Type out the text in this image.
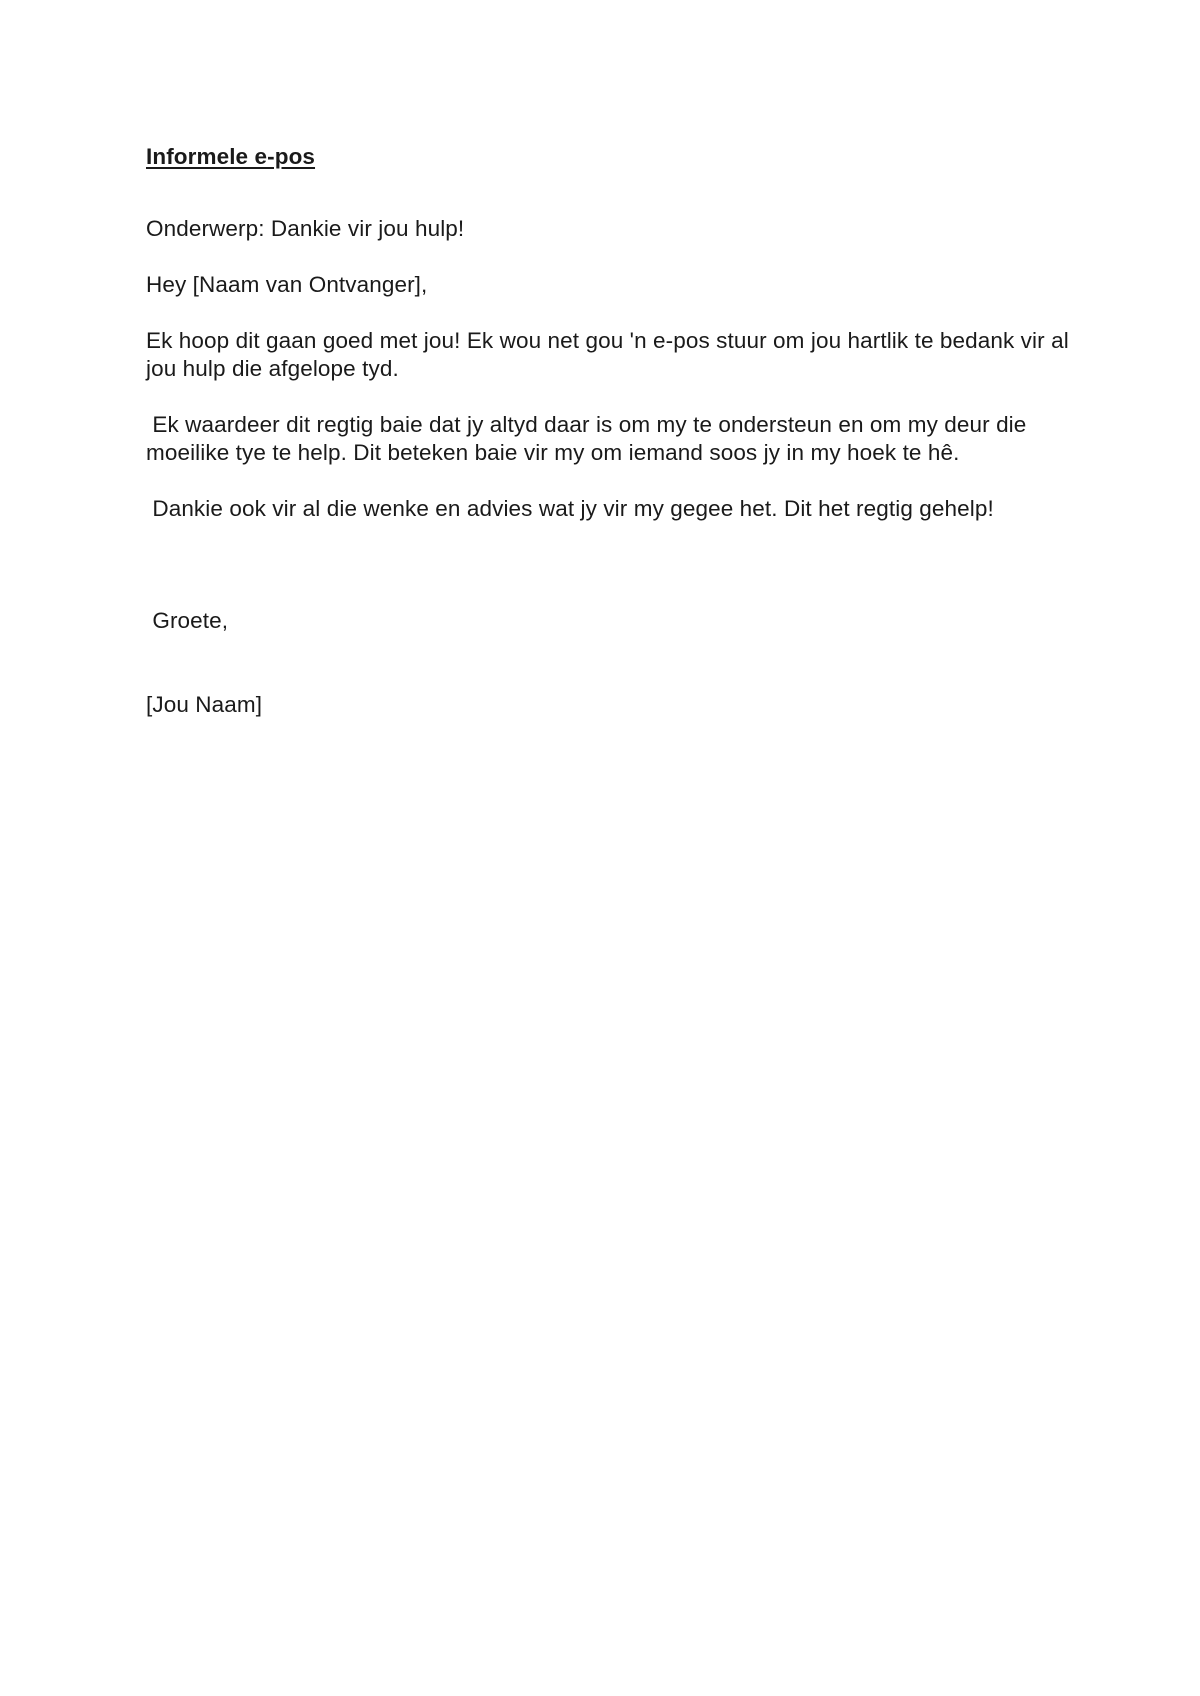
Informele e-pos
Onderwerp: Dankie vir jou hulp!
Hey [Naam van Ontvanger],
Ek hoop dit gaan goed met jou! Ek wou net gou 'n e-pos stuur om jou hartlik te bedank vir al jou hulp die afgelope tyd.
Ek waardeer dit regtig baie dat jy altyd daar is om my te ondersteun en om my deur die moeilike tye te help. Dit beteken baie vir my om iemand soos jy in my hoek te hê.
Dankie ook vir al die wenke en advies wat jy vir my gegee het. Dit het regtig gehelp!

Groete,

[Jou Naam]
